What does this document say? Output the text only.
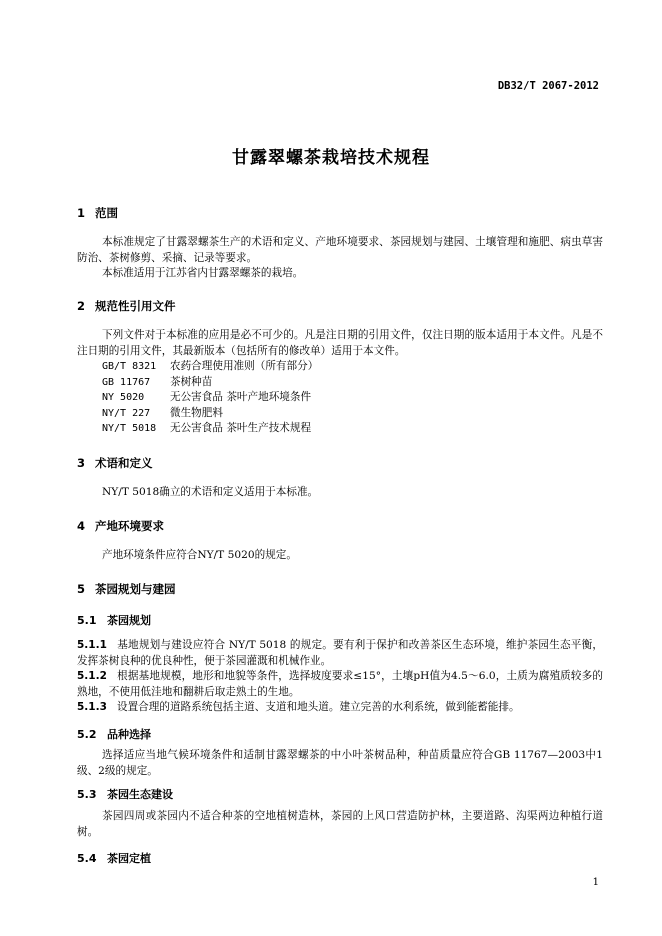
DB32/T 2067-2012
甘露翠螺茶栽培技术规程
1 范围
本标准规定了甘露翠螺茶生产的术语和定义、产地环境要求、茶园规划与建园、土壤管理和施肥、病虫草害防治、茶树修剪、采摘、记录等要求。
本标准适用于江苏省内甘露翠螺茶的栽培。
2 规范性引用文件
下列文件对于本标准的应用是必不可少的。凡是注日期的引用文件，仅注日期的版本适用于本文件。凡是不注日期的引用文件，其最新版本（包括所有的修改单）适用于本文件。
GB/T 8321 农药合理使用准则（所有部分）
GB 11767 茶树种苗
NY 5020 无公害食品 茶叶产地环境条件
NY/T 227 微生物肥料
NY/T 5018 无公害食品 茶叶生产技术规程
3 术语和定义
NY/T 5018确立的术语和定义适用于本标准。
4 产地环境要求
产地环境条件应符合NY/T 5020的规定。
5 茶园规划与建园
5.1 茶园规划
5.1.1 基地规划与建设应符合 NY/T 5018 的规定。要有利于保护和改善茶区生态环境，维护茶园生态平衡，发挥茶树良种的优良种性，便于茶园灌溉和机械作业。
5.1.2 根据基地规模，地形和地貌等条件，选择坡度要求≤15°，土壤pH值为4.5～6.0，土质为腐殖质较多的熟地，不使用低洼地和翻耕后取走熟土的生地。
5.1.3 设置合理的道路系统包括主道、支道和地头道。建立完善的水利系统，做到能蓄能排。
5.2 品种选择
选择适应当地气候环境条件和适制甘露翠螺茶的中小叶茶树品种，种苗质量应符合GB 11767—2003中1级、2级的规定。
5.3 茶园生态建设
茶园四周或茶园内不适合种茶的空地植树造林，茶园的上风口营造防护林，主要道路、沟渠两边种植行道树。
5.4 茶园定植
1
